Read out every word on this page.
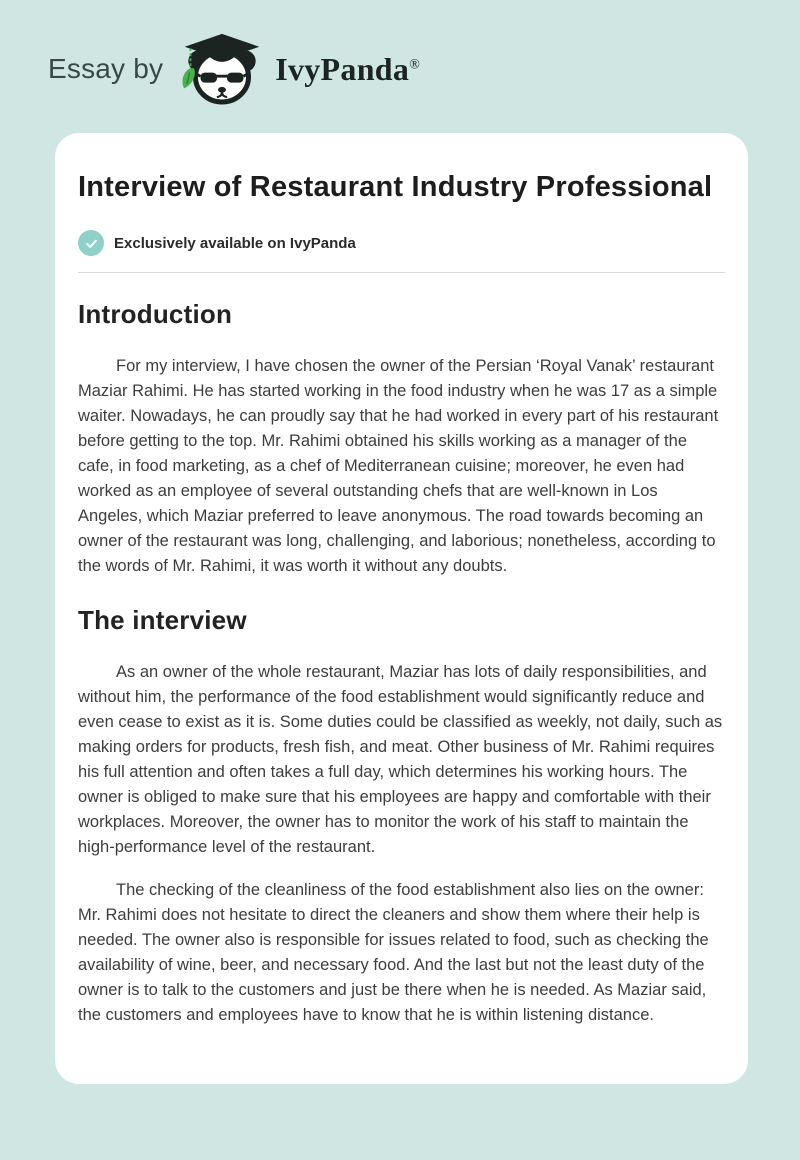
Essay by	IvyPanda®
Interview of Restaurant Industry Professional
Exclusively available on IvyPanda
Introduction

For my interview, I have chosen the owner of the Persian ‘Royal Vanak’ restaurant Maziar Rahimi. He has started working in the food industry when he was 17 as a simple waiter. Nowadays, he can proudly say that he had worked in every part of his restaurant before getting to the top. Mr. Rahimi obtained his skills working as a manager of the cafe, in food marketing, as a chef of Mediterranean cuisine; moreover, he even had worked as an employee of several outstanding chefs that are well-known in Los Angeles, which Maziar preferred to leave anonymous. The road towards becoming an owner of the restaurant was long, challenging, and laborious; nonetheless, according to the words of Mr. Rahimi, it was worth it without any doubts.

The interview

As an owner of the whole restaurant, Maziar has lots of daily responsibilities, and without him, the performance of the food establishment would significantly reduce and even cease to exist as it is. Some duties could be classified as weekly, not daily, such as making orders for products, fresh fish, and meat. Other business of Mr. Rahimi requires his full attention and often takes a full day, which determines his working hours. The owner is obliged to make sure that his employees are happy and comfortable with their workplaces. Moreover, the owner has to monitor the work of his staff to maintain the high-performance level of the restaurant.

The checking of the cleanliness of the food establishment also lies on the owner: Mr. Rahimi does not hesitate to direct the cleaners and show them where their help is needed. The owner also is responsible for issues related to food, such as checking the availability of wine, beer, and necessary food. And the last but not the least duty of the owner is to talk to the customers and just be there when he is needed. As Maziar said, the customers and employees have to know that he is within listening distance.
